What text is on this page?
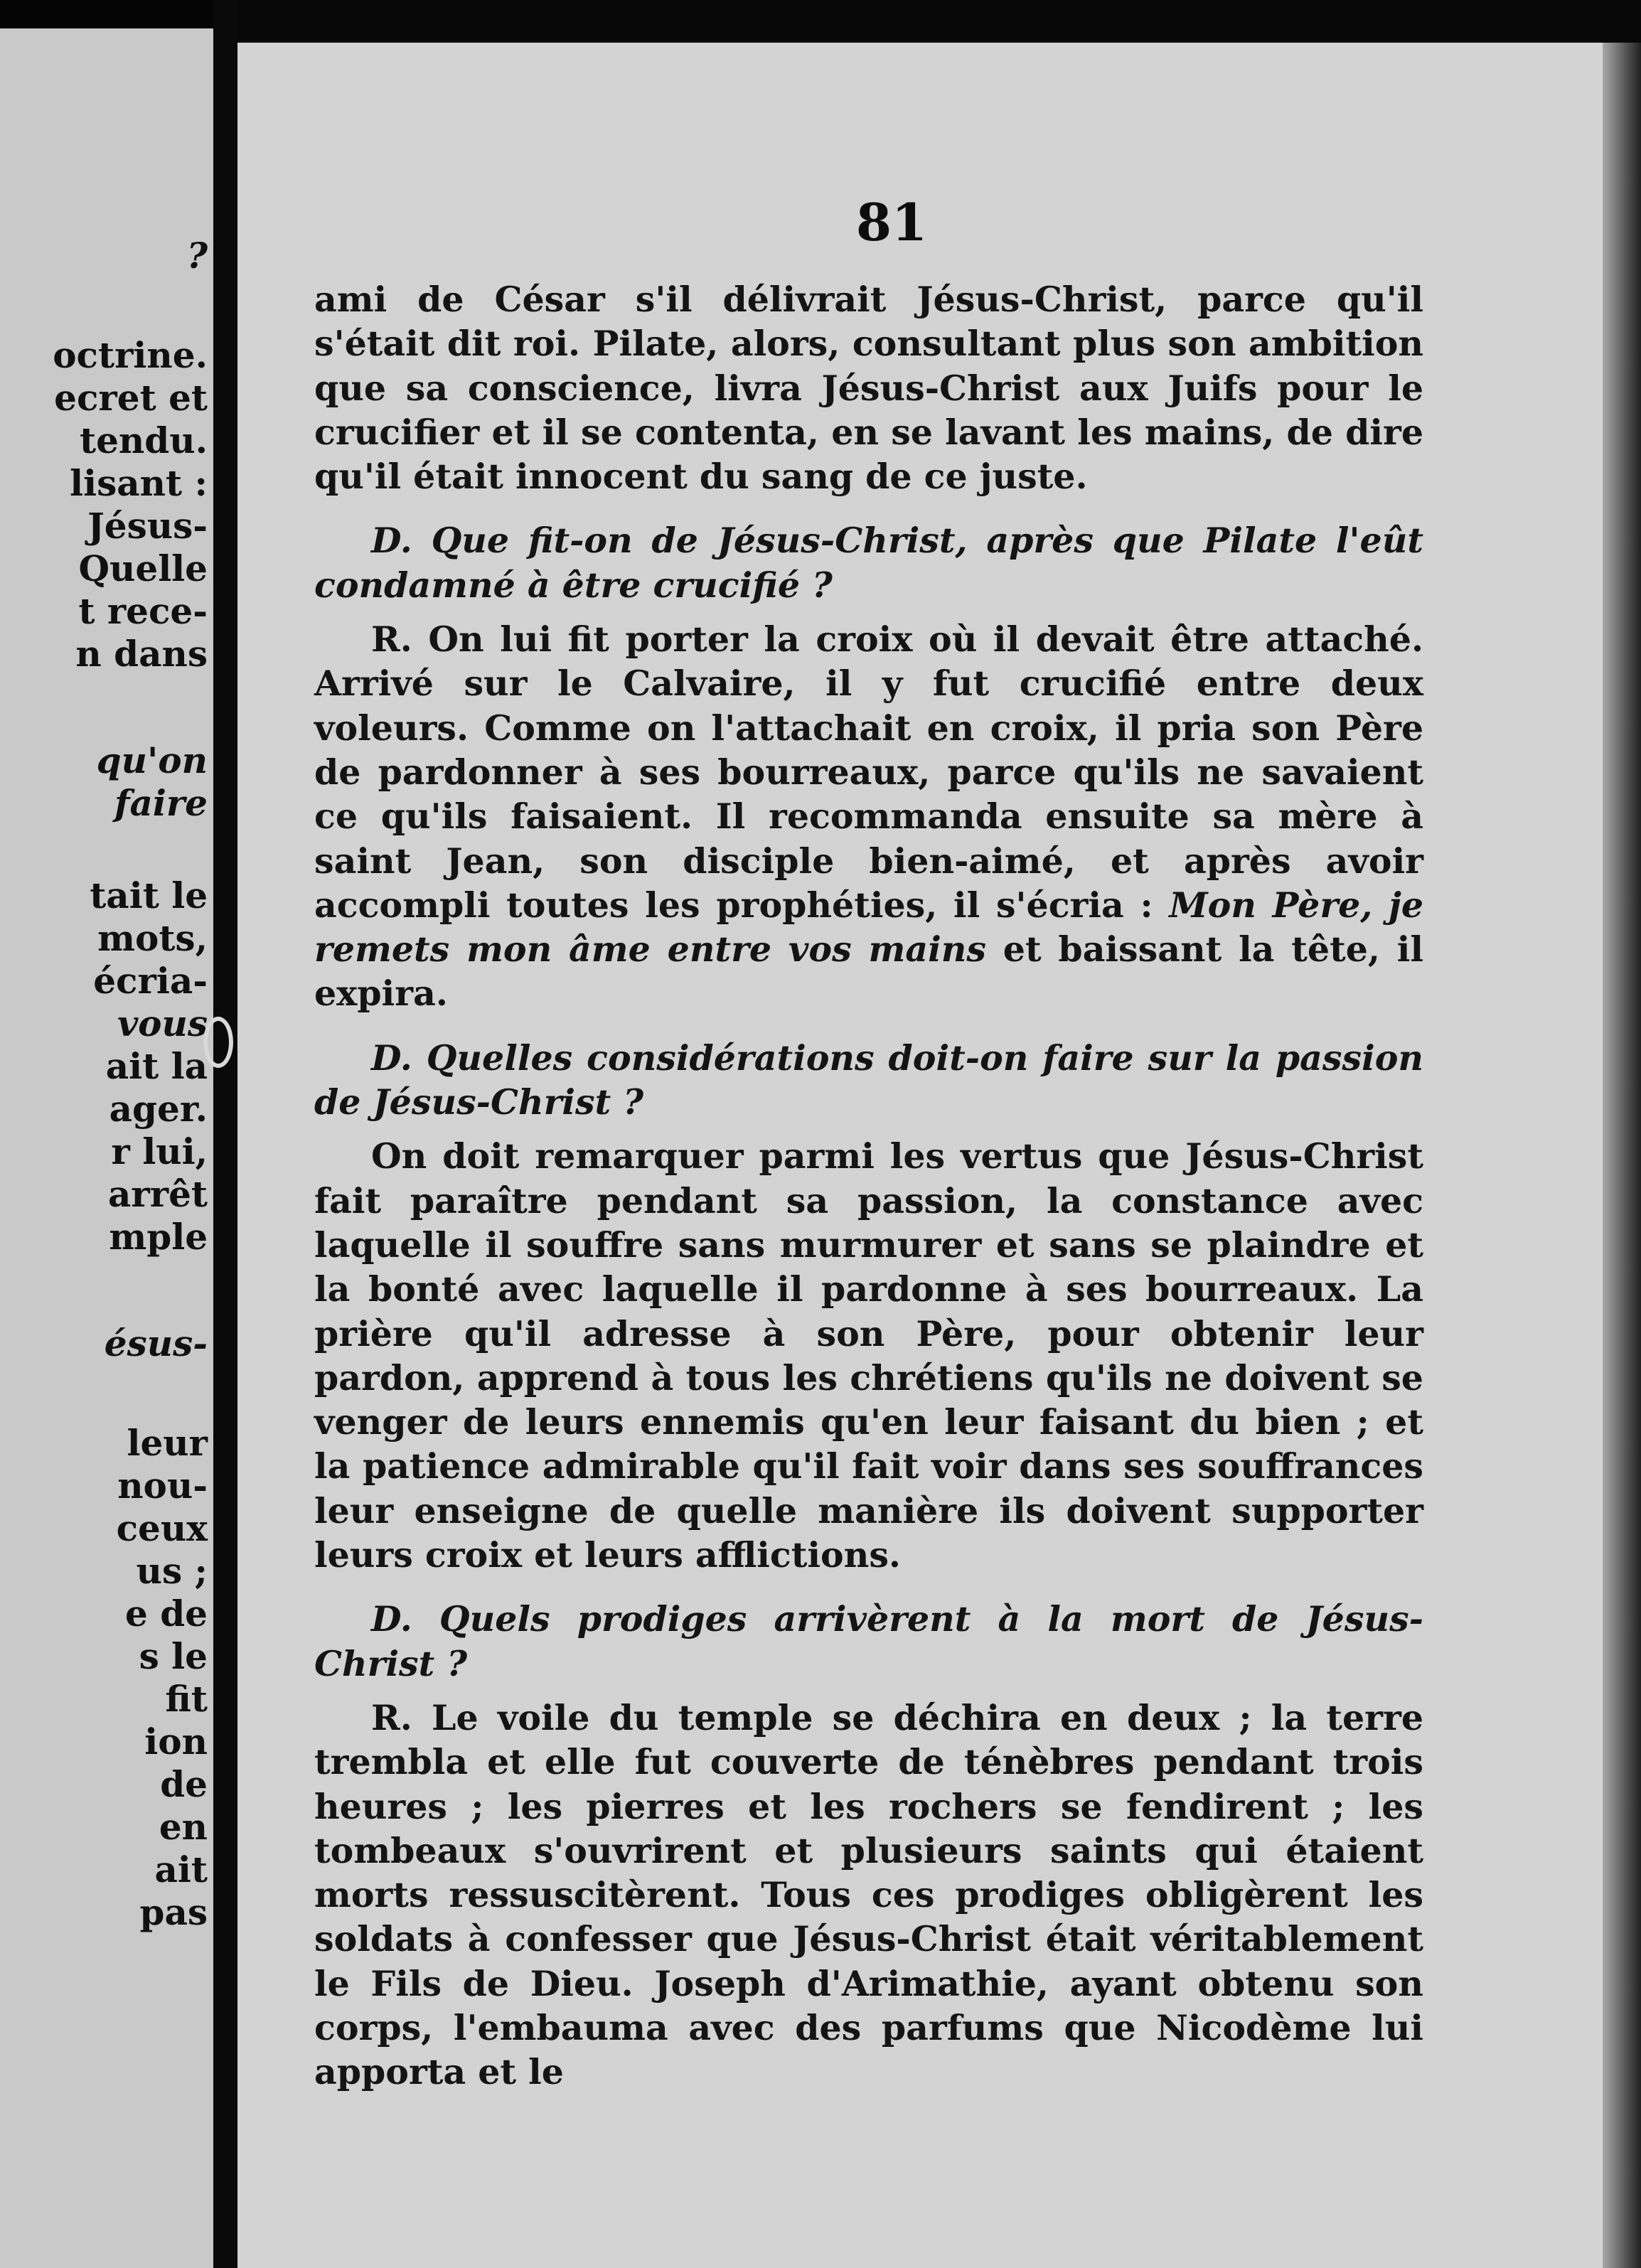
?
octrine.
ecret et
tendu.
lisant :
Jésus-
Quelle
t rece-
n dans
qu'on
faire
tait le
mots,
écria-
vous
ait la
ager.
r lui,
arrêt
mple
ésus-
leur
nou-
ceux
us ;
e de
s le
fit
ion
de
en
ait
pas
81

ami de César s'il délivrait Jésus-Christ, parce qu'il s'était dit roi. Pilate, alors, consultant plus son ambition que sa conscience, livra Jésus-Christ aux Juifs pour le crucifier et il se contenta, en se lavant les mains, de dire qu'il était innocent du sang de ce juste.

D. Que fit-on de Jésus-Christ, après que Pilate l'eût condamné à être crucifié ?

R. On lui fit porter la croix où il devait être attaché. Arrivé sur le Calvaire, il y fut crucifié entre deux voleurs. Comme on l'attachait en croix, il pria son Père de pardonner à ses bourreaux, parce qu'ils ne savaient ce qu'ils faisaient. Il recommanda ensuite sa mère à saint Jean, son disciple bien-aimé, et après avoir accompli toutes les prophéties, il s'écria : Mon Père, je remets mon âme entre vos mains et baissant la tête, il expira.

D. Quelles considérations doit-on faire sur la passion de Jésus-Christ ?

On doit remarquer parmi les vertus que Jésus-Christ fait paraître pendant sa passion, la constance avec laquelle il souffre sans murmurer et sans se plaindre et la bonté avec laquelle il pardonne à ses bourreaux. La prière qu'il adresse à son Père, pour obtenir leur pardon, apprend à tous les chrétiens qu'ils ne doivent se venger de leurs ennemis qu'en leur faisant du bien ; et la patience admirable qu'il fait voir dans ses souffrances leur enseigne de quelle manière ils doivent supporter leurs croix et leurs afflictions.

D. Quels prodiges arrivèrent à la mort de Jésus-Christ ?

R. Le voile du temple se déchira en deux ; la terre trembla et elle fut couverte de ténèbres pendant trois heures ; les pierres et les rochers se fendirent ; les tombeaux s'ouvrirent et plusieurs saints qui étaient morts ressuscitèrent. Tous ces prodiges obligèrent les soldats à confesser que Jésus-Christ était véritablement le Fils de Dieu. Joseph d'Arimathie, ayant obtenu son corps, l'embauma avec des parfums que Nicodème lui apporta et le
